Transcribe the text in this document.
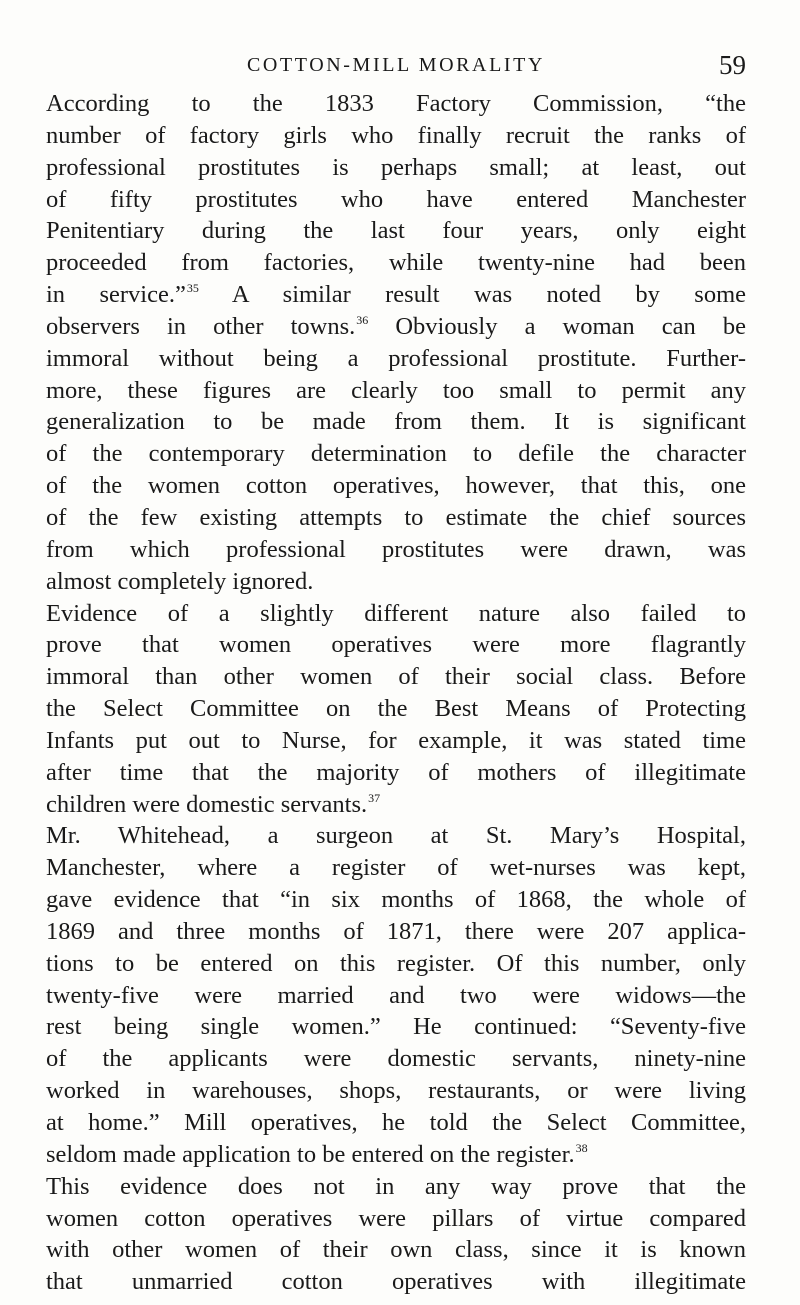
COTTON-MILL MORALITY	59
According to the 1833 Factory Commission, “the
number of factory girls who finally recruit the ranks of
professional prostitutes is perhaps small; at least, out
of fifty prostitutes who have entered Manchester
Penitentiary during the last four years, only eight
proceeded from factories, while twenty-nine had been
in service.”$^{35}$ A similar result was noted by some
observers in other towns.$^{36}$ Obviously a woman can be
immoral without being a professional prostitute. Further-
more, these figures are clearly too small to permit any
generalization to be made from them. It is significant
of the contemporary determination to defile the character
of the women cotton operatives, however, that this, one
of the few existing attempts to estimate the chief sources
from which professional prostitutes were drawn, was
almost completely ignored.
Evidence of a slightly different nature also failed to
prove that women operatives were more flagrantly
immoral than other women of their social class. Before
the Select Committee on the Best Means of Protecting
Infants put out to Nurse, for example, it was stated time
after time that the majority of mothers of illegitimate
children were domestic servants.$^{37}$
Mr. Whitehead, a surgeon at St. Mary’s Hospital,
Manchester, where a register of wet-nurses was kept,
gave evidence that “in six months of 1868, the whole of
1869 and three months of 1871, there were 207 applica-
tions to be entered on this register. Of this number, only
twenty-five were married and two were widows—the
rest being single women.” He continued: “Seventy-five
of the applicants were domestic servants, ninety-nine
worked in warehouses, shops, restaurants, or were living
at home.” Mill operatives, he told the Select Committee,
seldom made application to be entered on the register.$^{38}$
This evidence does not in any way prove that the
women cotton operatives were pillars of virtue compared
with other women of their own class, since it is known
that unmarried cotton operatives with illegitimate
